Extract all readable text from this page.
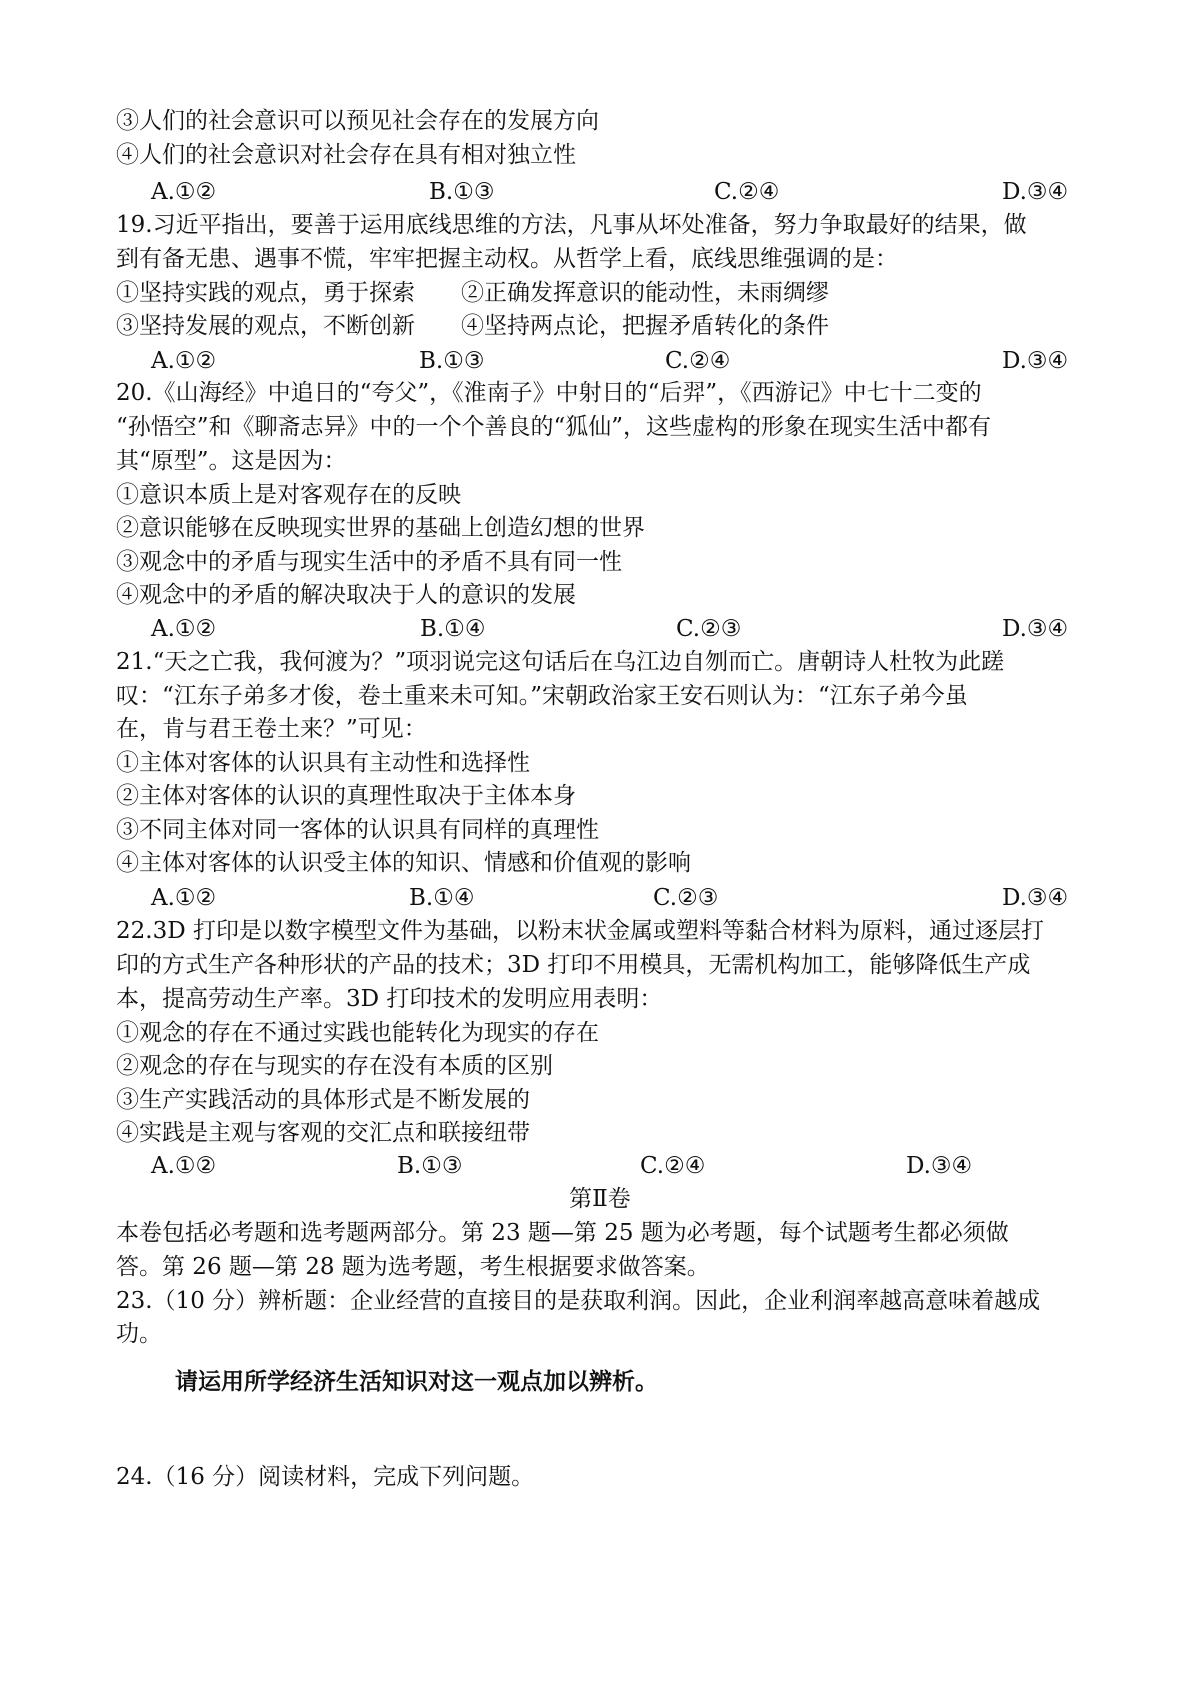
③人们的社会意识可以预见社会存在的发展方向
④人们的社会意识对社会存在具有相对独立性
A.①②	B.①③	C.②④	D.③④
19.习近平指出，要善于运用底线思维的方法，凡事从坏处准备，努力争取最好的结果，做
到有备无患、遇事不慌，牢牢把握主动权。从哲学上看，底线思维强调的是：
①坚持实践的观点，勇于探索　　②正确发挥意识的能动性，未雨绸缪
③坚持发展的观点，不断创新　　④坚持两点论，把握矛盾转化的条件
A.①②	B.①③	C.②④	D.③④
20.《山海经》中追日的“夸父”，《淮南子》中射日的“后羿”，《西游记》中七十二变的
“孙悟空”和《聊斋志异》中的一个个善良的“狐仙”，这些虚构的形象在现实生活中都有
其“原型”。这是因为：
①意识本质上是对客观存在的反映
②意识能够在反映现实世界的基础上创造幻想的世界
③观念中的矛盾与现实生活中的矛盾不具有同一性
④观念中的矛盾的解决取决于人的意识的发展
A.①②	B.①④	C.②③	D.③④
21.“天之亡我，我何渡为？”项羽说完这句话后在乌江边自刎而亡。唐朝诗人杜牧为此蹉
叹：“江东子弟多才俊，卷土重来未可知。”宋朝政治家王安石则认为：“江东子弟今虽
在，肯与君王卷土来？”可见：
①主体对客体的认识具有主动性和选择性
②主体对客体的认识的真理性取决于主体本身
③不同主体对同一客体的认识具有同样的真理性
④主体对客体的认识受主体的知识、情感和价值观的影响
A.①②	B.①④	C.②③	D.③④
22.3D 打印是以数字模型文件为基础，以粉末状金属或塑料等黏合材料为原料，通过逐层打
印的方式生产各种形状的产品的技术；3D 打印不用模具，无需机构加工，能够降低生产成
本，提高劳动生产率。3D 打印技术的发明应用表明：
①观念的存在不通过实践也能转化为现实的存在
②观念的存在与现实的存在没有本质的区别
③生产实践活动的具体形式是不断发展的
④实践是主观与客观的交汇点和联接纽带
A.①②	B.①③	C.②④	D.③④
第Ⅱ卷
本卷包括必考题和选考题两部分。第 23 题—第 25 题为必考题，每个试题考生都必须做
答。第 26 题—第 28 题为选考题，考生根据要求做答案。
23.（10 分）辨析题：企业经营的直接目的是获取利润。因此，企业利润率越高意味着越成
功。
请运用所学经济生活知识对这一观点加以辨析。
24.（16 分）阅读材料，完成下列问题。
